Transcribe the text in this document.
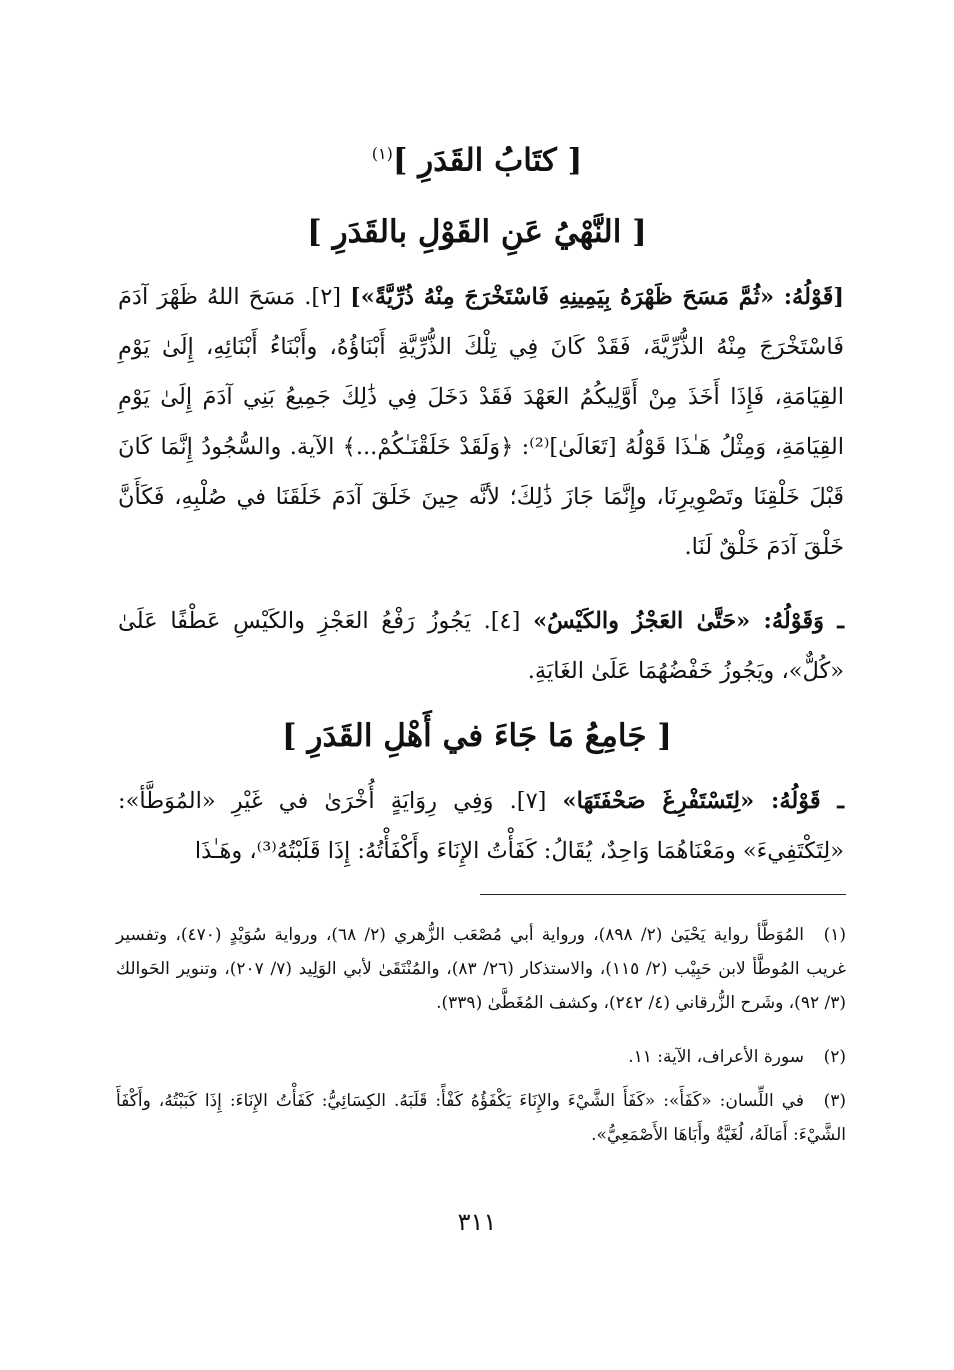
[ كتَابُ القَدَرِ ]$^{(١)}$
[ النَّهْيُ عَنِ القَوْلِ بالقَدَرِ ]
[قَوْلُهُ: «ثُمَّ مَسَحَ ظَهْرَهُ بِيَمِينِهِ فَاسْتَخْرَجَ مِنْهُ ذُرِّيَّةً»] [٢]. مَسَحَ اللهُ ظَهْرَ آدَمَ فَاسْتَخْرَجَ مِنْهُ الذُّرِّيَّةَ، فَقَدْ كَانَ فِي تِلْكَ الذُّرِّيَّةِ أَبْنَاؤُهُ، وأَبْنَاءُ أَبْنَائِهِ، إِلَىٰ يَوْمِ القِيَامَةِ، فَإِذَا أَخَذَ مِنْ أَوَّلِيكُمُ العَهْدَ فَقَدْ دَخَلَ فِي ذَٰلِكَ جَمِيعُ بَنِي آدَمَ إِلَىٰ يَوْمِ القِيَامَةِ، وَمِثْلُ هَـٰذَا قَوْلُهُ [تَعَالَىٰ]⁽²⁾: ﴿وَلَقَدْ خَلَقْنَـٰكُمْ...﴾ الآية. والسُّجُودُ إِنَّمَا كَانَ قَبْلَ خَلْقِنَا وتَصْوِيرِنَا، وإِنَّمَا جَازَ ذَٰلِكَ؛ لأنَّه حِينَ خَلَقَ آدَمَ خَلَقَنَا في صُلْبِهِ، فَكَأَنَّ خَلْقَ آدَمَ خَلْقٌ لَنَا.
ـ وَقَوْلُهُ: «حَتَّىٰ العَجْزُ والكَيْسُ» [٤]. يَجُوزُ رَفْعُ العَجْزِ والكَيْسِ عَطْفًا عَلَىٰ «كُلٌّ»، ويَجُوزُ خَفْضُهُمَا عَلَىٰ الغَايَةِ.
[ جَامِعُ مَا جَاءَ في أَهْلِ القَدَرِ ]
ـ قَوْلُهُ: «لِتَسْتَفْرِغَ صَحْفَتَهَا» [٧]. وَفِي رِوَايَةٍ أُخْرَىٰ في غَيْرِ «المُوَطَّأ»: «لِتَكْتَفِيءَ» ومَعْنَاهُمَا وَاحِدٌ، يُقَالُ: كَفَأْتُ الإِنَاءَ وأَكْفَأْتُهُ: إِذَا قَلَبْتُهُ⁽³⁾، وهَـٰذَا
(١)المُوَطَّأ رواية يَحْيَىٰ (٢/ ٨٩٨)، ورواية أبي مُصْعَب الزُّهري (٢/ ٦٨)، ورواية سُوَيْدٍ (٤٧٠)، وتفسير غريب المُوطَّأ لابن حَبِيْب (٢/ ١١٥)، والاستذكار (٢٦/ ٨٣)، والمُنْتَقَىٰ لأبي الوَلِيد (٧/ ٢٠٧)، وتنوير الحَوالك (٣/ ٩٢)، وشَرح الزُّرقاني (٤/ ٢٤٢)، وكشف المُغَطَّىٰ (٣٣٩).
(٢)سورة الأعراف، الآية: ١١.
(٣)في اللِّسان: «كَفَأَ»: «كَفَأَ الشَّيْءَ والإِنَاءَ يَكْفَؤُهُ كَفْأً: قَلَبَهُ. الكِسَائِيُّ: كَفَأْتُ الإِنَاءَ: إِذَا كَبَبْتُهُ، وأَكْفَأَ الشَّيْءَ: أَمَالَهُ، لُغَيَّةٌ وأَبَاهَا الأَصْمَعِيُّ».
٣١١
